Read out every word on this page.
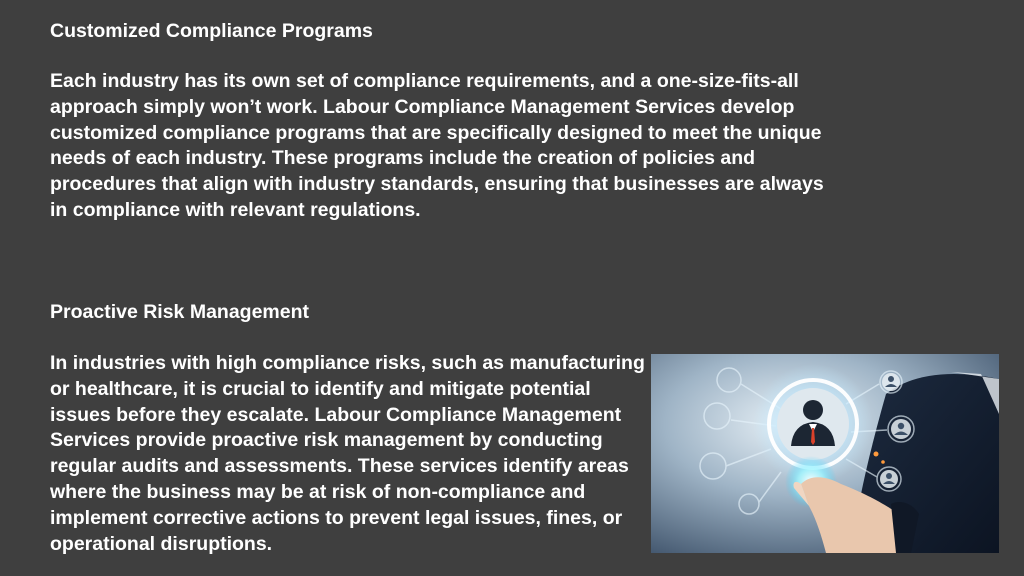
Customized Compliance Programs

Each industry has its own set of compliance requirements, and a one-size-fits-all approach simply won’t work. Labour Compliance Management Services develop customized compliance programs that are specifically designed to meet the unique needs of each industry. These programs include the creation of policies and procedures that align with industry standards, ensuring that businesses are always in compliance with relevant regulations.

Proactive Risk Management

In industries with high compliance risks, such as manufacturing or healthcare, it is crucial to identify and mitigate potential issues before they escalate. Labour Compliance Management Services provide proactive risk management by conducting regular audits and assessments. These services identify areas where the business may be at risk of non-compliance and implement corrective actions to prevent legal issues, fines, or operational disruptions.
